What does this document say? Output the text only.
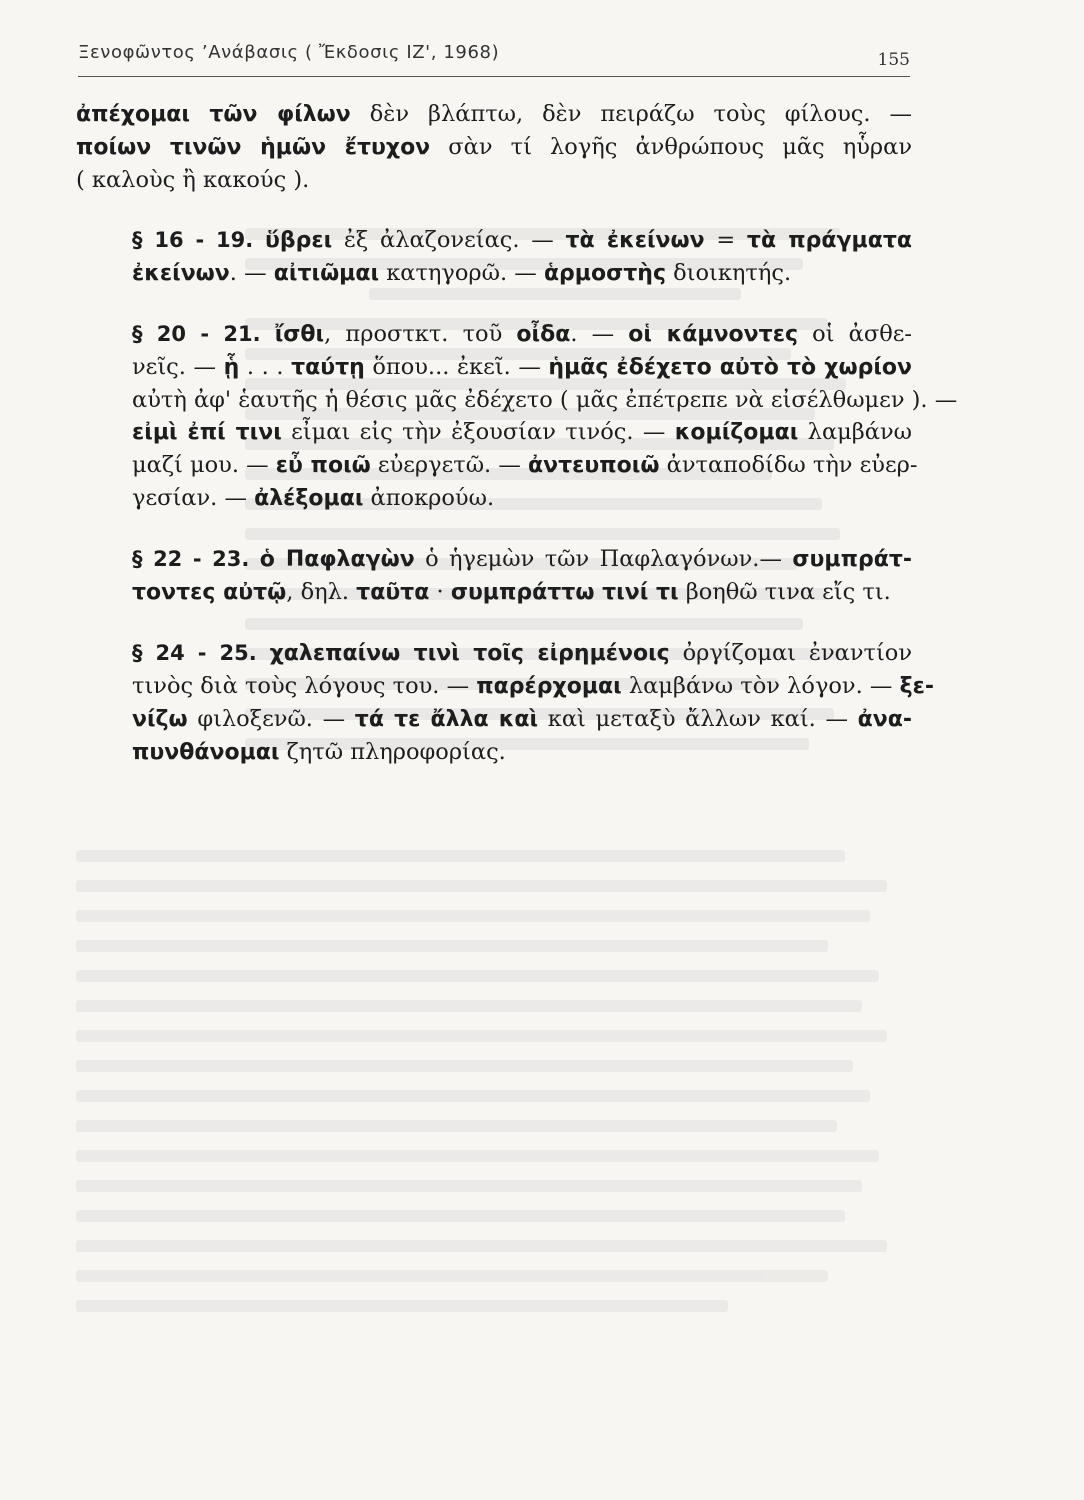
Ξενοφῶντος ’Ανάβασις ( Ἔκδοσις ΙΖ', 1968)	155
ἀπέχομαι τῶν φίλων δὲν βλάπτω, δὲν πειράζω τοὺς φίλους. —
ποίων τινῶν ἡμῶν ἔτυχον σὰν τί λογῆς ἀνθρώπους μᾶς ηὗραν
( καλοὺς ἢ κακούς ).
§ 16 - 19. ὕβρει ἐξ ἀλαζονείας. — τὰ ἐκείνων = τὰ πράγματα
ἐκείνων. — αἰτιῶμαι κατηγορῶ. — ἁρμοστὴς διοικητής.
§ 20 - 21. ἴσθι, προστκτ. τοῦ οἶδα. — οἱ κάμνοντες οἱ ἀσθε-
νεῖς. — ᾗ . . . ταύτῃ ὅπου... ἐκεῖ. — ἡμᾶς ἐδέχετο αὐτὸ τὸ χωρίον
αὐτὴ ἀφ' ἑαυτῆς ἡ θέσις μᾶς ἐδέχετο ( μᾶς ἐπέτρεπε νὰ εἰσέλθωμεν ). —
εἰμὶ ἐπί τινι εἶμαι εἰς τὴν ἐξουσίαν τινός. — κομίζομαι λαμβάνω
μαζί μου. — εὖ ποιῶ εὐεργετῶ. — ἀντευποιῶ ἀνταποδίδω τὴν εὐερ-
γεσίαν. — ἀλέξομαι ἀποκρούω.
§ 22 - 23. ὁ Παφλαγὼν ὁ ἡγεμὼν τῶν Παφλαγόνων.— συμπράτ-
τοντες αὐτῷ, δηλ. ταῦτα · συμπράττω τινί τι βοηθῶ τινα εἴς τι.
§ 24 - 25. χαλεπαίνω τινὶ τοῖς εἰρημένοις ὀργίζομαι ἐναντίον
τινὸς διὰ τοὺς λόγους του. — παρέρχομαι λαμβάνω τὸν λόγον. — ξε-
νίζω φιλοξενῶ. — τά τε ἄλλα καὶ καὶ μεταξὺ ἄλλων καί. — ἀνα-
πυνθάνομαι ζητῶ πληροφορίας.
